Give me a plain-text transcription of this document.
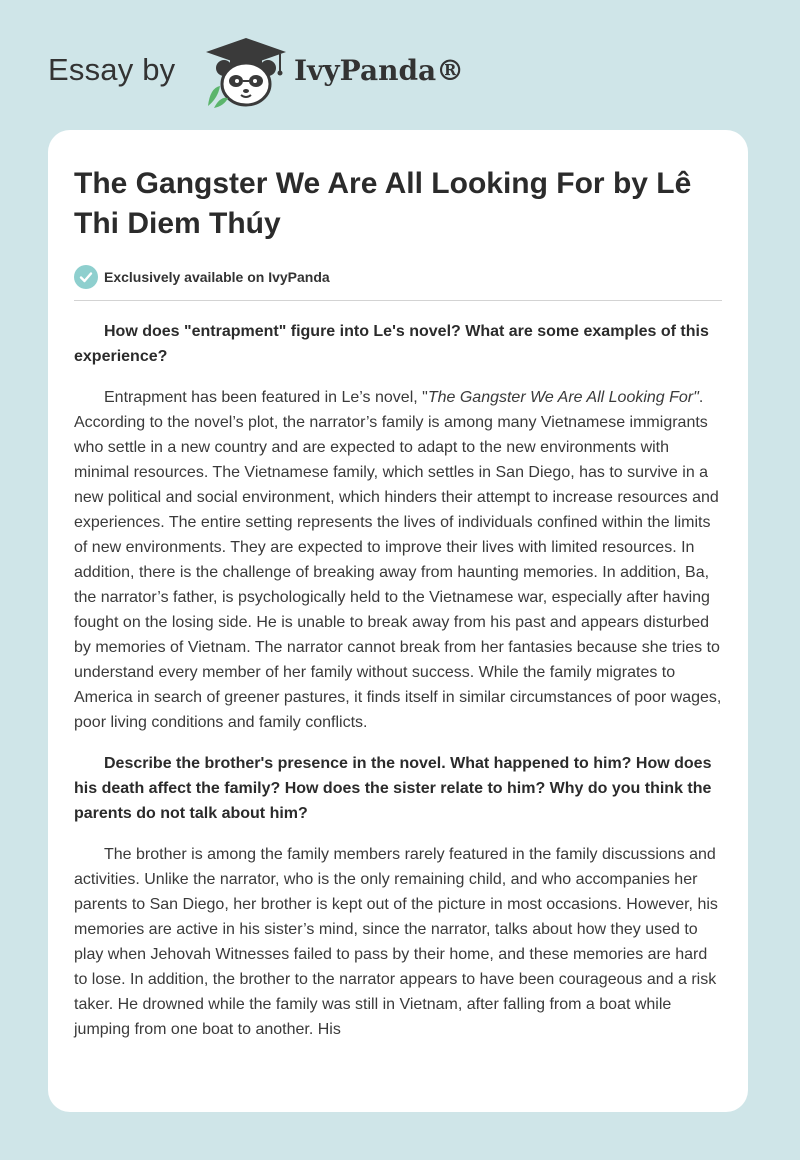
Essay by	IvyPanda®
The Gangster We Are All Looking For by Lê Thi Diem Thúy
Exclusively available on IvyPanda

How does "entrapment" figure into Le's novel? What are some examples of this experience?

Entrapment has been featured in Le’s novel, "The Gangster We Are All Looking For". According to the novel’s plot, the narrator’s family is among many Vietnamese immigrants who settle in a new country and are expected to adapt to the new environments with minimal resources. The Vietnamese family, which settles in San Diego, has to survive in a new political and social environment, which hinders their attempt to increase resources and experiences. The entire setting represents the lives of individuals confined within the limits of new environments. They are expected to improve their lives with limited resources. In addition, there is the challenge of breaking away from haunting memories. In addition, Ba, the narrator’s father, is psychologically held to the Vietnamese war, especially after having fought on the losing side. He is unable to break away from his past and appears disturbed by memories of Vietnam. The narrator cannot break from her fantasies because she tries to understand every member of her family without success. While the family migrates to America in search of greener pastures, it finds itself in similar circumstances of poor wages, poor living conditions and family conflicts.

Describe the brother's presence in the novel. What happened to him? How does his death affect the family? How does the sister relate to him? Why do you think the parents do not talk about him?

The brother is among the family members rarely featured in the family discussions and activities. Unlike the narrator, who is the only remaining child, and who accompanies her parents to San Diego, her brother is kept out of the picture in most occasions. However, his memories are active in his sister’s mind, since the narrator, talks about how they used to play when Jehovah Witnesses failed to pass by their home, and these memories are hard to lose. In addition, the brother to the narrator appears to have been courageous and a risk taker. He drowned while the family was still in Vietnam, after falling from a boat while jumping from one boat to another. His
